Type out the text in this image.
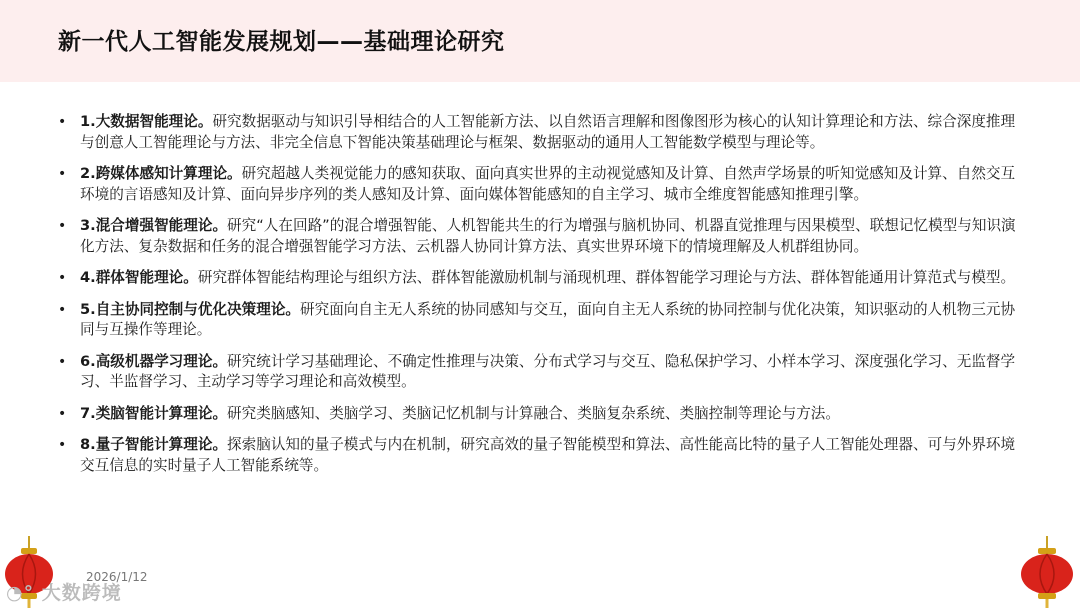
新一代人工智能发展规划——基础理论研究
• 1.大数据智能理论。研究数据驱动与知识引导相结合的人工智能新方法、以自然语言理解和图像图形为核心的认知计算理论和方法、综合深度推理与创意人工智能理论与方法、非完全信息下智能决策基础理论与框架、数据驱动的通用人工智能数学模型与理论等。
• 2.跨媒体感知计算理论。研究超越人类视觉能力的感知获取、面向真实世界的主动视觉感知及计算、自然声学场景的听知觉感知及计算、自然交互环境的言语感知及计算、面向异步序列的类人感知及计算、面向媒体智能感知的自主学习、城市全维度智能感知推理引擎。
• 3.混合增强智能理论。研究“人在回路”的混合增强智能、人机智能共生的行为增强与脑机协同、机器直觉推理与因果模型、联想记忆模型与知识演化方法、复杂数据和任务的混合增强智能学习方法、云机器人协同计算方法、真实世界环境下的情境理解及人机群组协同。
• 4.群体智能理论。研究群体智能结构理论与组织方法、群体智能激励机制与涌现机理、群体智能学习理论与方法、群体智能通用计算范式与模型。
• 5.自主协同控制与优化决策理论。研究面向自主无人系统的协同感知与交互，面向自主无人系统的协同控制与优化决策，知识驱动的人机物三元协同与互操作等理论。
• 6.高级机器学习理论。研究统计学习基础理论、不确定性推理与决策、分布式学习与交互、隐私保护学习、小样本学习、深度强化学习、无监督学习、半监督学习、主动学习等学习理论和高效模型。
• 7.类脑智能计算理论。研究类脑感知、类脑学习、类脑记忆机制与计算融合、类脑复杂系统、类脑控制等理论与方法。
• 8.量子智能计算理论。探索脑认知的量子模式与内在机制，研究高效的量子智能模型和算法、高性能高比特的量子人工智能处理器、可与外界环境交互信息的实时量子人工智能系统等。
2026/1/12
◔° 大数跨境
